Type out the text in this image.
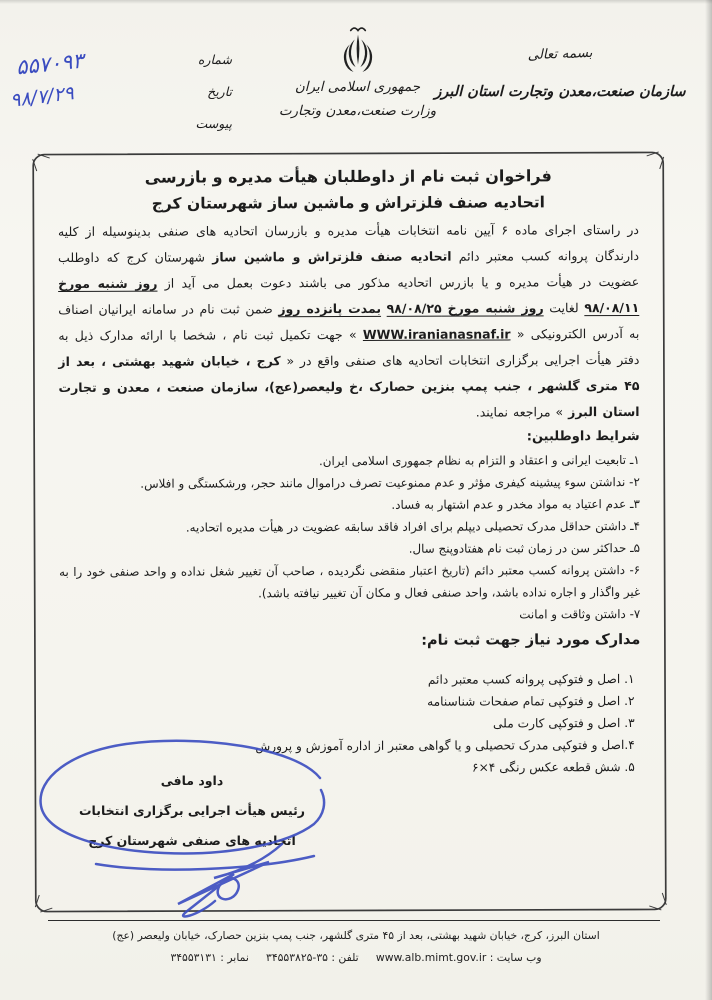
بسمه تعالی
سازمان صنعت،معدن وتجارت استان البرز
جمهوری اسلامی ایران
وزارت صنعت،معدن وتجارت
شماره
تاریخ
پیوست
۵۵۷۰۹۳
۹۸/۷/۲۹

فراخوان ثبت نام از داوطلبان هیأت مدیره و بازرسی

اتحادیه صنف فلزتراش و ماشین ساز شهرستان کرج

در راستای اجرای ماده ۶ آیین نامه انتخابات هیأت مدیره و بازرسان اتحادیه های صنفی بدینوسیله از کلیه دارندگان پروانه کسب معتبر دائم اتحادیه صنف فلزتراش و ماشین ساز شهرستان کرج که داوطلب عضویت در هیأت مدیره و یا بازرس اتحادیه مذکور می باشند دعوت بعمل می آید از روز شنبه مورخ ۹۸/۰۸/۱۱ لغایت روز شنبه مورخ ۹۸/۰۸/۲۵ بمدت پانزده روز ضمن ثبت نام در سامانه ایرانیان اصناف به آدرس الکترونیکی « WWW.iranianasnaf.ir » جهت تکمیل ثبت نام ، شخصا با ارائه مدارک ذیل به دفتر هیأت اجرایی برگزاری انتخابات اتحادیه های صنفی واقع در « کرج ، خیابان شهید بهشتی ، بعد از ۴۵ متری گلشهر ، جنب پمپ بنزین حصارک ،خ ولیعصر(عج)، سازمان صنعت ، معدن و تجارت استان البرز » مراجعه نمایند.

شرایط داوطلبین:

۱ـ تابعیت ایرانی و اعتقاد و التزام به نظام جمهوری اسلامی ایران.
۲- نداشتن سوء پیشینه کیفری مؤثر و عدم ممنوعیت تصرف دراموال مانند حجر، ورشکستگی و افلاس.
۳ـ عدم اعتیاد به مواد مخدر و عدم اشتهار به فساد.
۴ـ داشتن حداقل مدرک تحصیلی دیپلم برای افراد فاقد سابقه عضویت در هیأت مدیره اتحادیه.
۵ـ حداکثر سن در زمان ثبت نام هفتادوپنج سال.
۶- داشتن پروانه کسب معتبر دائم (تاریخ اعتبار منقضی نگردیده ، صاحب آن تغییر شغل نداده و واحد صنفی خود را به غیر واگذار و اجاره نداده باشد، واحد صنفی فعال و مکان آن تغییر نیافته باشد).
۷- داشتن وثاقت و امانت

مدارک مورد نیاز جهت ثبت نام:

۱. اصل و فتوکپی پروانه کسب معتبر دائم
۲. اصل و فتوکپی تمام صفحات شناسنامه
۳. اصل و فتوکپی کارت ملی
۴.اصل و فتوکپی مدرک تحصیلی و یا گواهی معتبر از اداره آموزش و پرورش
۵. شش قطعه عکس رنگی ۴×۶
داود مافی
رئیس هیأت اجرایی برگزاری انتخابات
اتحادیه های صنفی شهرستان کرج
استان البرز، کرج، خیابان شهید بهشتی، بعد از ۴۵ متری گلشهر، جنب پمپ بنزین حصارک، خیابان ولیعصر (عج)
وب سایت : www.alb.mimt.gov.ir     تلفن : ۳۴۵۵۳۸۲۵-۳۵     نمابر : ۳۴۵۵۳۱۳۱
